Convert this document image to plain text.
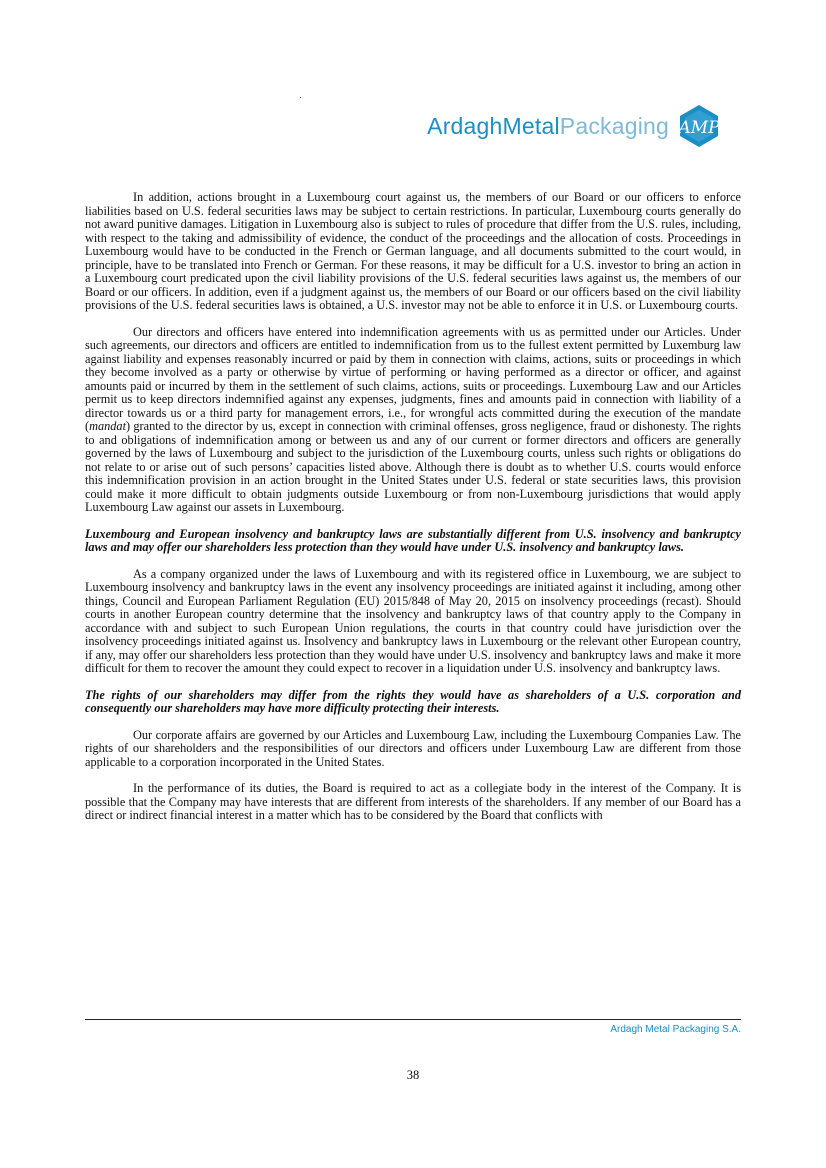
ArdaghMetalPackaging AMP

In addition, actions brought in a Luxembourg court against us, the members of our Board or our officers to enforce liabilities based on U.S. federal securities laws may be subject to certain restrictions. In particular, Luxembourg courts generally do not award punitive damages. Litigation in Luxembourg also is subject to rules of procedure that differ from the U.S. rules, including, with respect to the taking and admissibility of evidence, the conduct of the proceedings and the allocation of costs. Proceedings in Luxembourg would have to be conducted in the French or German language, and all documents submitted to the court would, in principle, have to be translated into French or German. For these reasons, it may be difficult for a U.S. investor to bring an action in a Luxembourg court predicated upon the civil liability provisions of the U.S. federal securities laws against us, the members of our Board or our officers. In addition, even if a judgment against us, the members of our Board or our officers based on the civil liability provisions of the U.S. federal securities laws is obtained, a U.S. investor may not be able to enforce it in U.S. or Luxembourg courts.

Our directors and officers have entered into indemnification agreements with us as permitted under our Articles. Under such agreements, our directors and officers are entitled to indemnification from us to the fullest extent permitted by Luxemburg law against liability and expenses reasonably incurred or paid by them in connection with claims, actions, suits or proceedings in which they become involved as a party or otherwise by virtue of performing or having performed as a director or officer, and against amounts paid or incurred by them in the settlement of such claims, actions, suits or proceedings. Luxembourg Law and our Articles permit us to keep directors indemnified against any expenses, judgments, fines and amounts paid in connection with liability of a director towards us or a third party for management errors, i.e., for wrongful acts committed during the execution of the mandate (mandat) granted to the director by us, except in connection with criminal offenses, gross negligence, fraud or dishonesty. The rights to and obligations of indemnification among or between us and any of our current or former directors and officers are generally governed by the laws of Luxembourg and subject to the jurisdiction of the Luxembourg courts, unless such rights or obligations do not relate to or arise out of such persons’ capacities listed above. Although there is doubt as to whether U.S. courts would enforce this indemnification provision in an action brought in the United States under U.S. federal or state securities laws, this provision could make it more difficult to obtain judgments outside Luxembourg or from non-Luxembourg jurisdictions that would apply Luxembourg Law against our assets in Luxembourg.

Luxembourg and European insolvency and bankruptcy laws are substantially different from U.S. insolvency and bankruptcy laws and may offer our shareholders less protection than they would have under U.S. insolvency and bankruptcy laws.

As a company organized under the laws of Luxembourg and with its registered office in Luxembourg, we are subject to Luxembourg insolvency and bankruptcy laws in the event any insolvency proceedings are initiated against it including, among other things, Council and European Parliament Regulation (EU) 2015/848 of May 20, 2015 on insolvency proceedings (recast). Should courts in another European country determine that the insolvency and bankruptcy laws of that country apply to the Company in accordance with and subject to such European Union regulations, the courts in that country could have jurisdiction over the insolvency proceedings initiated against us. Insolvency and bankruptcy laws in Luxembourg or the relevant other European country, if any, may offer our shareholders less protection than they would have under U.S. insolvency and bankruptcy laws and make it more difficult for them to recover the amount they could expect to recover in a liquidation under U.S. insolvency and bankruptcy laws.

The rights of our shareholders may differ from the rights they would have as shareholders of a U.S. corporation and consequently our shareholders may have more difficulty protecting their interests.

Our corporate affairs are governed by our Articles and Luxembourg Law, including the Luxembourg Companies Law. The rights of our shareholders and the responsibilities of our directors and officers under Luxembourg Law are different from those applicable to a corporation incorporated in the United States.

In the performance of its duties, the Board is required to act as a collegiate body in the interest of the Company. It is possible that the Company may have interests that are different from interests of the shareholders. If any member of our Board has a direct or indirect financial interest in a matter which has to be considered by the Board that conflicts with

Ardagh Metal Packaging S.A.
38
